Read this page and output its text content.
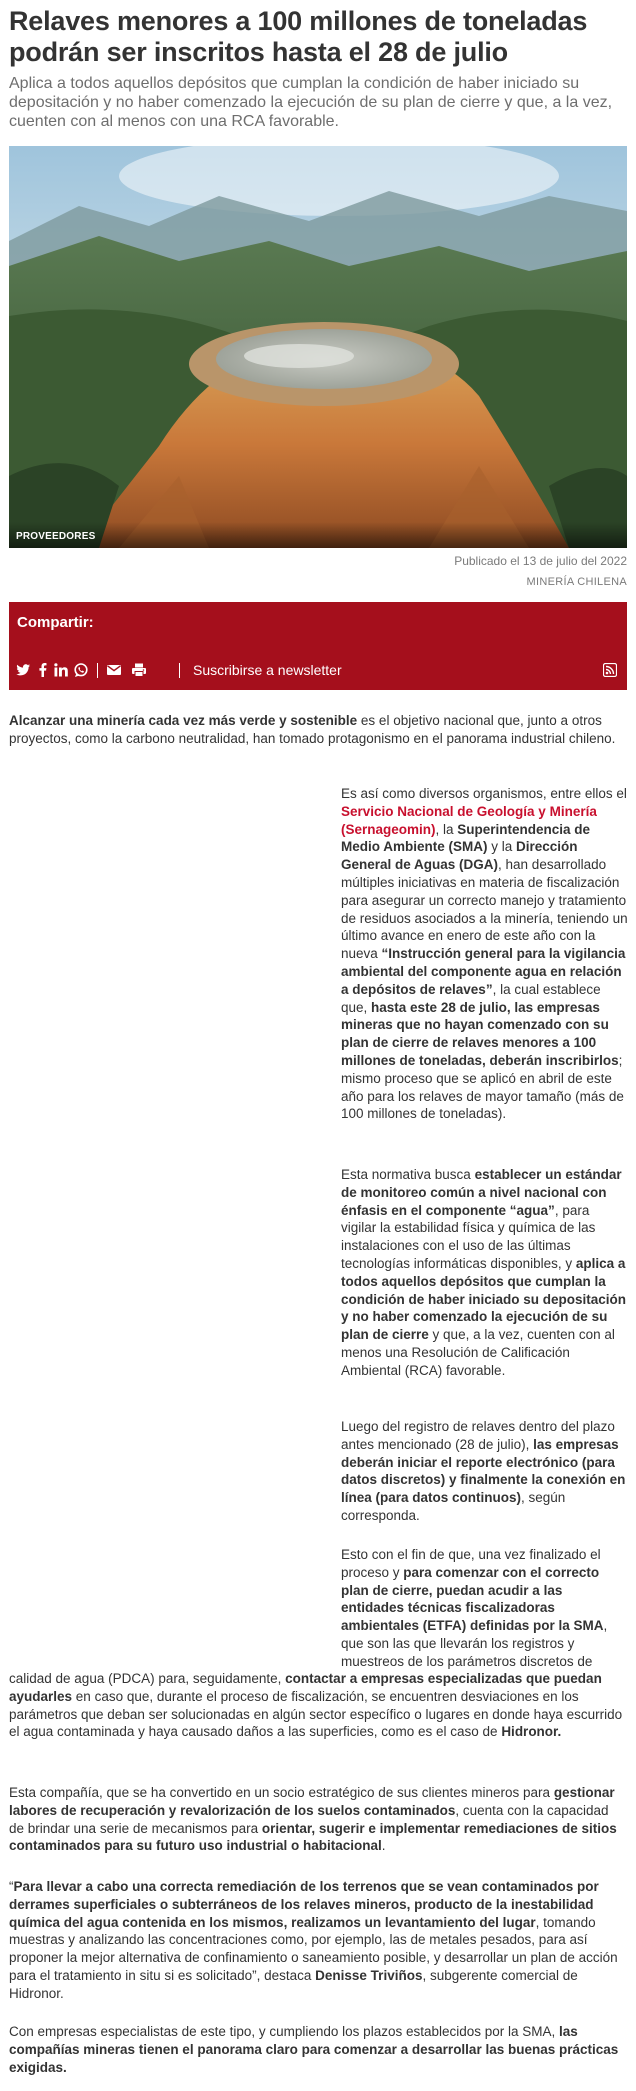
Relaves menores a 100 millones de toneladas podrán ser inscritos hasta el 28 de julio

Aplica a todos aquellos depósitos que cumplan la condición de haber iniciado su depositación y no haber comenzado la ejecución de su plan de cierre y que, a la vez, cuenten con al menos con una RCA favorable.

PROVEEDORES
Publicado el 13 de julio del 2022
MINERÍA CHILENA
Compartir:
Suscribirse a newsletter

Alcanzar una minería cada vez más verde y sostenible es el objetivo nacional que, junto a otros proyectos, como la carbono neutralidad, han tomado protagonismo en el panorama industrial chileno.

Es así como diversos organismos, entre ellos el Servicio Nacional de Geología y Minería (Sernageomin), la Superintendencia de Medio Ambiente (SMA) y la Dirección General de Aguas (DGA), han desarrollado múltiples iniciativas en materia de fiscalización para asegurar un correcto manejo y tratamiento de residuos asociados a la minería, teniendo un último avance en enero de este año con la nueva “Instrucción general para la vigilancia ambiental del componente agua en relación a depósitos de relaves”, la cual establece que, hasta este 28 de julio, las empresas mineras que no hayan comenzado con su plan de cierre de relaves menores a 100 millones de toneladas, deberán inscribirlos; mismo proceso que se aplicó en abril de este año para los relaves de mayor tamaño (más de 100 millones de toneladas).

Esta normativa busca establecer un estándar de monitoreo común a nivel nacional con énfasis en el componente “agua”, para vigilar la estabilidad física y química de las instalaciones con el uso de las últimas tecnologías informáticas disponibles, y aplica a todos aquellos depósitos que cumplan la condición de haber iniciado su depositación y no haber comenzado la ejecución de su plan de cierre y que, a la vez, cuenten con al menos una Resolución de Calificación Ambiental (RCA) favorable.

Luego del registro de relaves dentro del plazo antes mencionado (28 de julio), las empresas deberán iniciar el reporte electrónico (para datos discretos) y finalmente la conexión en línea (para datos continuos), según corresponda.

Esto con el fin de que, una vez finalizado el proceso y para comenzar con el correcto plan de cierre, puedan acudir a las entidades técnicas fiscalizadoras ambientales (ETFA) definidas por la SMA, que son las que llevarán los registros y muestreos de los parámetros discretos de

calidad de agua (PDCA) para, seguidamente, contactar a empresas especializadas que puedan ayudarles en caso que, durante el proceso de fiscalización, se encuentren desviaciones en los parámetros que deban ser solucionadas en algún sector específico o lugares en donde haya escurrido el agua contaminada y haya causado daños a las superficies, como es el caso de Hidronor.

Esta compañía, que se ha convertido en un socio estratégico de sus clientes mineros para gestionar labores de recuperación y revalorización de los suelos contaminados, cuenta con la capacidad de brindar una serie de mecanismos para orientar, sugerir e implementar remediaciones de sitios contaminados para su futuro uso industrial o habitacional.

“Para llevar a cabo una correcta remediación de los terrenos que se vean contaminados por derrames superficiales o subterráneos de los relaves mineros, producto de la inestabilidad química del agua contenida en los mismos, realizamos un levantamiento del lugar, tomando muestras y analizando las concentraciones como, por ejemplo, las de metales pesados, para así proponer la mejor alternativa de confinamiento o saneamiento posible, y desarrollar un plan de acción para el tratamiento in situ si es solicitado”, destaca Denisse Triviños, subgerente comercial de Hidronor.

Con empresas especialistas de este tipo, y cumpliendo los plazos establecidos por la SMA, las compañías mineras tienen el panorama claro para comenzar a desarrollar las buenas prácticas exigidas.
